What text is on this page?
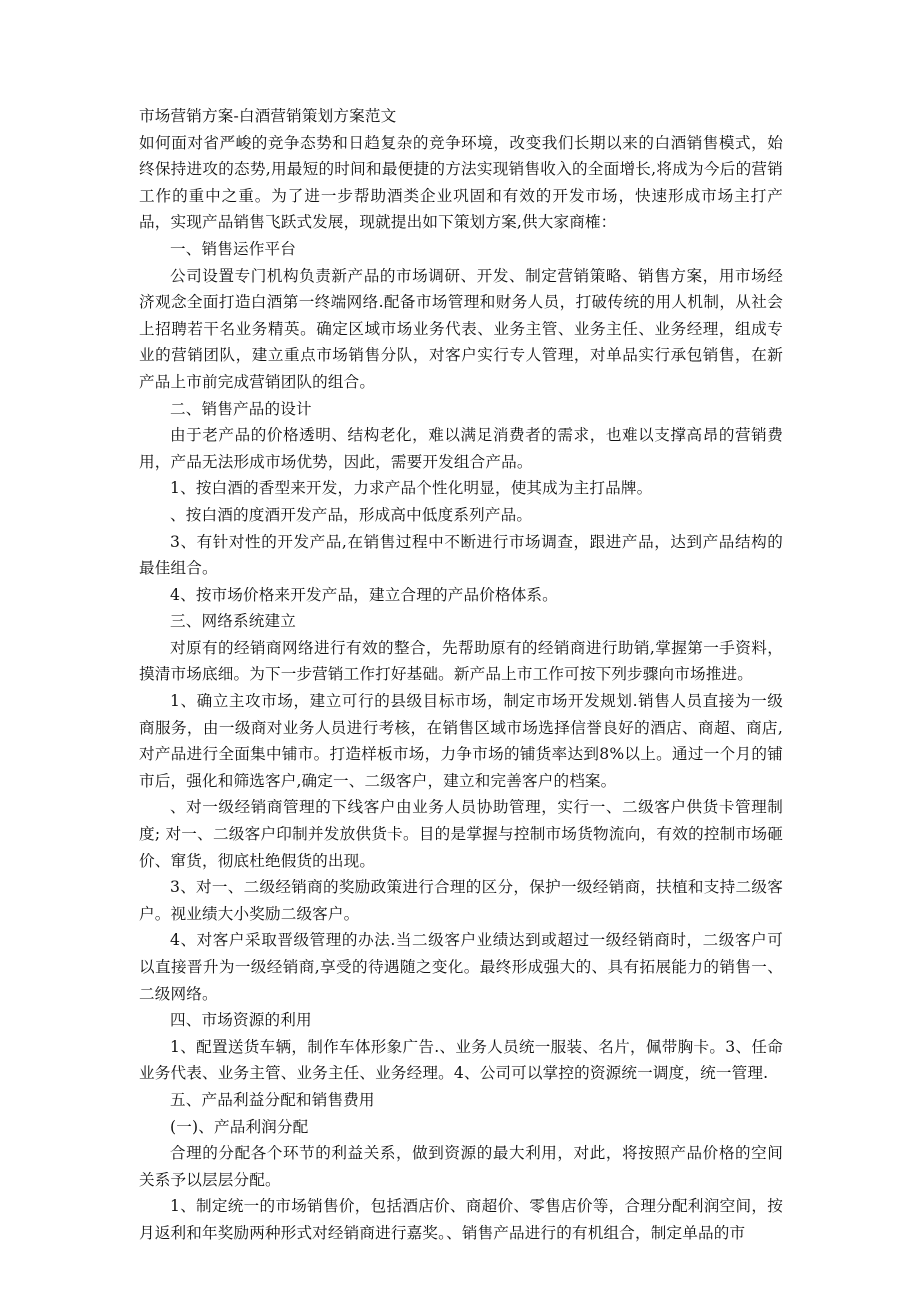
市场营销方案-白酒营销策划方案范文

如何面对省严峻的竞争态势和日趋复杂的竞争环境，改变我们长期以来的白酒销售模式，始终保持进攻的态势,用最短的时间和最便捷的方法实现销售收入的全面增长,将成为今后的营销工作的重中之重。为了进一步帮助酒类企业巩固和有效的开发市场，快速形成市场主打产品，实现产品销售飞跃式发展，现就提出如下策划方案,供大家商榷：

一、销售运作平台

公司设置专门机构负责新产品的市场调研、开发、制定营销策略、销售方案，用市场经济观念全面打造白酒第一终端网络.配备市场管理和财务人员，打破传统的用人机制，从社会上招聘若干名业务精英。确定区域市场业务代表、业务主管、业务主任、业务经理，组成专业的营销团队，建立重点市场销售分队，对客户实行专人管理，对单品实行承包销售，在新产品上市前完成营销团队的组合。

二、销售产品的设计

由于老产品的价格透明、结构老化，难以满足消费者的需求，也难以支撑高昂的营销费用，产品无法形成市场优势，因此，需要开发组合产品。

1、按白酒的香型来开发，力求产品个性化明显，使其成为主打品牌。

、按白酒的度酒开发产品，形成高中低度系列产品。

3、有针对性的开发产品,在销售过程中不断进行市场调查，跟进产品，达到产品结构的最佳组合。

4、按市场价格来开发产品，建立合理的产品价格体系。

三、网络系统建立

对原有的经销商网络进行有效的整合，先帮助原有的经销商进行助销,掌握第一手资料，摸清市场底细。为下一步营销工作打好基础。新产品上市工作可按下列步骤向市场推进。

1、确立主攻市场，建立可行的县级目标市场，制定市场开发规划.销售人员直接为一级商服务，由一级商对业务人员进行考核，在销售区域市场选择信誉良好的酒店、商超、商店,对产品进行全面集中铺市。打造样板市场，力争市场的铺货率达到8%以上。通过一个月的铺市后，强化和筛选客户,确定一、二级客户，建立和完善客户的档案。

、对一级经销商管理的下线客户由业务人员协助管理，实行一、二级客户供货卡管理制度; 对一、二级客户印制并发放供货卡。目的是掌握与控制市场货物流向，有效的控制市场砸价、窜货，彻底杜绝假货的出现。

3、对一、二级经销商的奖励政策进行合理的区分，保护一级经销商，扶植和支持二级客户。视业绩大小奖励二级客户。

4、对客户采取晋级管理的办法.当二级客户业绩达到或超过一级经销商时，二级客户可以直接晋升为一级经销商,享受的待遇随之变化。最终形成强大的、具有拓展能力的销售一、二级网络。

四、市场资源的利用

1、配置送货车辆，制作车体形象广告.、业务人员统一服装、名片，佩带胸卡。3、任命业务代表、业务主管、业务主任、业务经理。4、公司可以掌控的资源统一调度，统一管理.

五、产品利益分配和销售费用

(一)、产品利润分配

合理的分配各个环节的利益关系，做到资源的最大利用，对此，将按照产品价格的空间关系予以层层分配。

1、制定统一的市场销售价，包括酒店价、商超价、零售店价等，合理分配利润空间，按月返利和年奖励两种形式对经销商进行嘉奖。、销售产品进行的有机组合，制定单品的市
